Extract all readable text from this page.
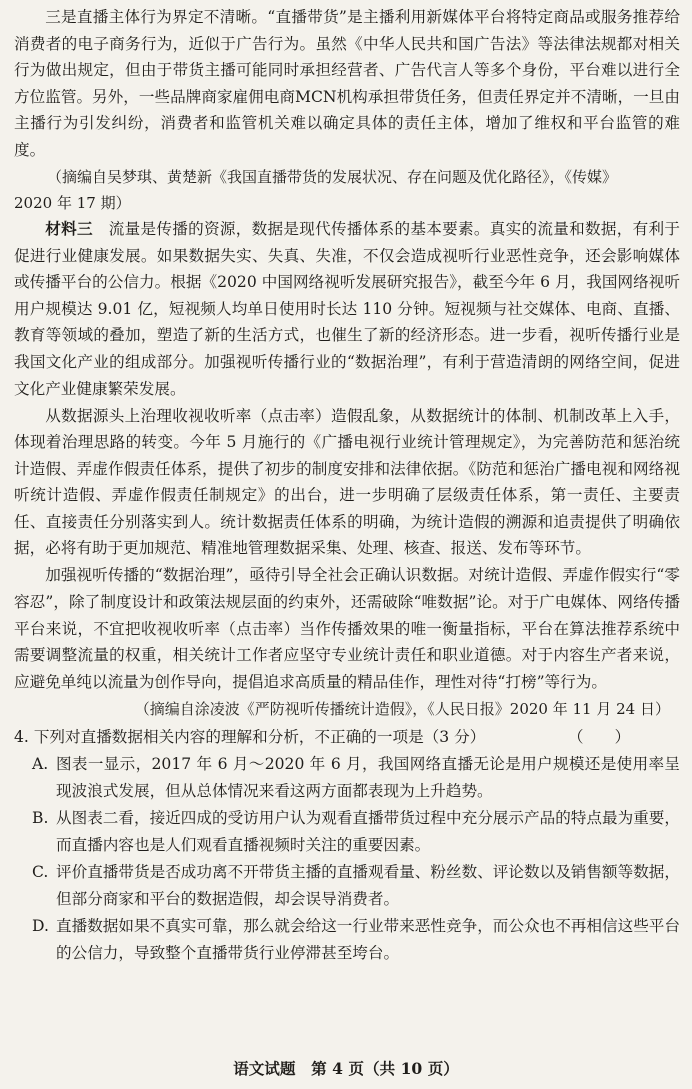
三是直播主体行为界定不清晰。“直播带货”是主播利用新媒体平台将特定商品或服务推荐给消费者的电子商务行为，近似于广告行为。虽然《中华人民共和国广告法》等法律法规都对相关行为做出规定，但由于带货主播可能同时承担经营者、广告代言人等多个身份，平台难以进行全方位监管。另外，一些品牌商家雇佣电商MCN机构承担带货任务，但责任界定并不清晰，一旦由主播行为引发纠纷，消费者和监管机关难以确定具体的责任主体，增加了维权和平台监管的难度。

（摘编自吴梦琪、黄楚新《我国直播带货的发展状况、存在问题及优化路径》，《传媒》
2020 年 17 期）

材料三　流量是传播的资源，数据是现代传播体系的基本要素。真实的流量和数据，有利于促进行业健康发展。如果数据失实、失真、失准，不仅会造成视听行业恶性竞争，还会影响媒体或传播平台的公信力。根据《2020 中国网络视听发展研究报告》，截至今年 6 月，我国网络视听用户规模达 9.01 亿，短视频人均单日使用时长达 110 分钟。短视频与社交媒体、电商、直播、教育等领域的叠加，塑造了新的生活方式，也催生了新的经济形态。进一步看，视听传播行业是我国文化产业的组成部分。加强视听传播行业的“数据治理”，有利于营造清朗的网络空间，促进文化产业健康繁荣发展。

从数据源头上治理收视收听率（点击率）造假乱象，从数据统计的体制、机制改革上入手，体现着治理思路的转变。今年 5 月施行的《广播电视行业统计管理规定》，为完善防范和惩治统计造假、弄虚作假责任体系，提供了初步的制度安排和法律依据。《防范和惩治广播电视和网络视听统计造假、弄虚作假责任制规定》的出台，进一步明确了层级责任体系，第一责任、主要责任、直接责任分别落实到人。统计数据责任体系的明确，为统计造假的溯源和追责提供了明确依据，必将有助于更加规范、精准地管理数据采集、处理、核查、报送、发布等环节。

加强视听传播的“数据治理”，亟待引导全社会正确认识数据。对统计造假、弄虚作假实行“零容忍”，除了制度设计和政策法规层面的约束外，还需破除“唯数据”论。对于广电媒体、网络传播平台来说，不宜把收视收听率（点击率）当作传播效果的唯一衡量指标，平台在算法推荐系统中需要调整流量的权重，相关统计工作者应坚守专业统计责任和职业道德。对于内容生产者来说，应避免单纯以流量为创作导向，提倡追求高质量的精品佳作，理性对待“打榜”等行为。

（摘编自涂凌波《严防视听传播统计造假》，《人民日报》2020 年 11 月 24 日）
4. 下列对直播数据相关内容的理解和分析，不正确的一项是（3 分）	（　）
A. 图表一显示，2017 年 6 月～2020 年 6 月，我国网络直播无论是用户规模还是使用率呈现波浪式发展，但从总体情况来看这两方面都表现为上升趋势。
B. 从图表二看，接近四成的受访用户认为观看直播带货过程中充分展示产品的特点最为重要，而直播内容也是人们观看直播视频时关注的重要因素。
C. 评价直播带货是否成功离不开带货主播的直播观看量、粉丝数、评论数以及销售额等数据，但部分商家和平台的数据造假，却会误导消费者。
D. 直播数据如果不真实可靠，那么就会给这一行业带来恶性竞争，而公众也不再相信这些平台的公信力，导致整个直播带货行业停滞甚至垮台。
语文试题　第 4 页（共 10 页）
